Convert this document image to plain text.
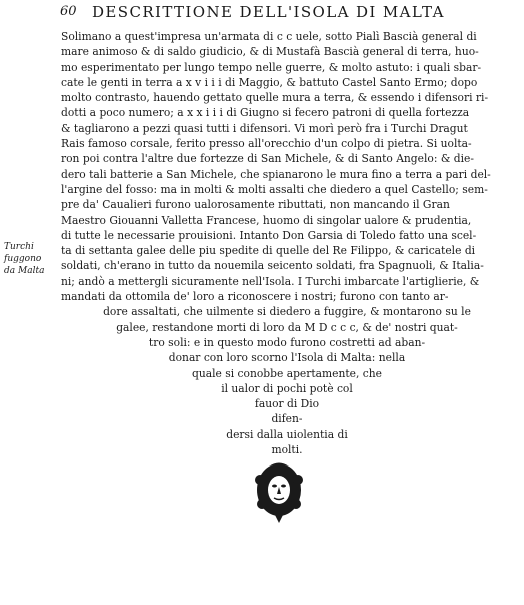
60 DESCRITTIONE DELL'ISOLA DI MALTA
Turchi
fuggono
da Malta
Solimano a quest'impresa un'armata di c c uele, sotto Pialì Bascià general di
mare animoso & di saldo giudicio, & di Mustafà Bascià general di terra, huo-
mo esperimentato per lungo tempo nelle guerre, & molto astuto: i quali sbar-
cate le genti in terra a x v i i i di Maggio, & battuto Castel Santo Ermo; dopo
molto contrasto, hauendo gettato quelle mura a terra, & essendo i difensori ri-
dotti a poco numero; a x x i i i di Giugno si fecero patroni di quella fortezza
& tagliarono a pezzi quasi tutti i difensori. Vi morì però fra i Turchi Dragut
Rais famoso corsale, ferito presso all'orecchio d'un colpo di pietra. Si uolta-
ron poi contra l'altre due fortezze di San Michele, & di Santo Angelo: & die-
dero tali batterie a San Michele, che spianarono le mura fino a terra a pari del-
l'argine del fosso: ma in molti & molti assalti che diedero a quel Castello; sem-
pre da' Caualieri furono ualorosamente ributtati, non mancando il Gran
Maestro Giouanni Valletta Francese, huomo di singolar ualore & prudentia,
di tutte le necessarie prouisioni. Intanto Don Garsia di Toledo fatto una scel-
ta di settanta galee delle piu spedite di quelle del Re Filippo, & caricatele di
soldati, ch'erano in tutto da nouemila seicento soldati, fra Spagnuoli, & Italia-
ni; andò a mettergli sicuramente nell'Isola. I Turchi imbarcate l'artiglierie, &
mandati da ottomila de' loro a riconoscere i nostri; furono con tanto ar-
dore assaltati, che uilmente si diedero a fuggire, & montarono su le
galee, restandone morti di loro da M D c c c, & de' nostri quat-
tro soli: e in questo modo furono costretti ad aban-
donar con loro scorno l'Isola di Malta: nella
quale si conobbe apertamente, che
il ualor di pochi potè col
fauor di Dio
difen-
dersi dalla uiolentia di
molti.
